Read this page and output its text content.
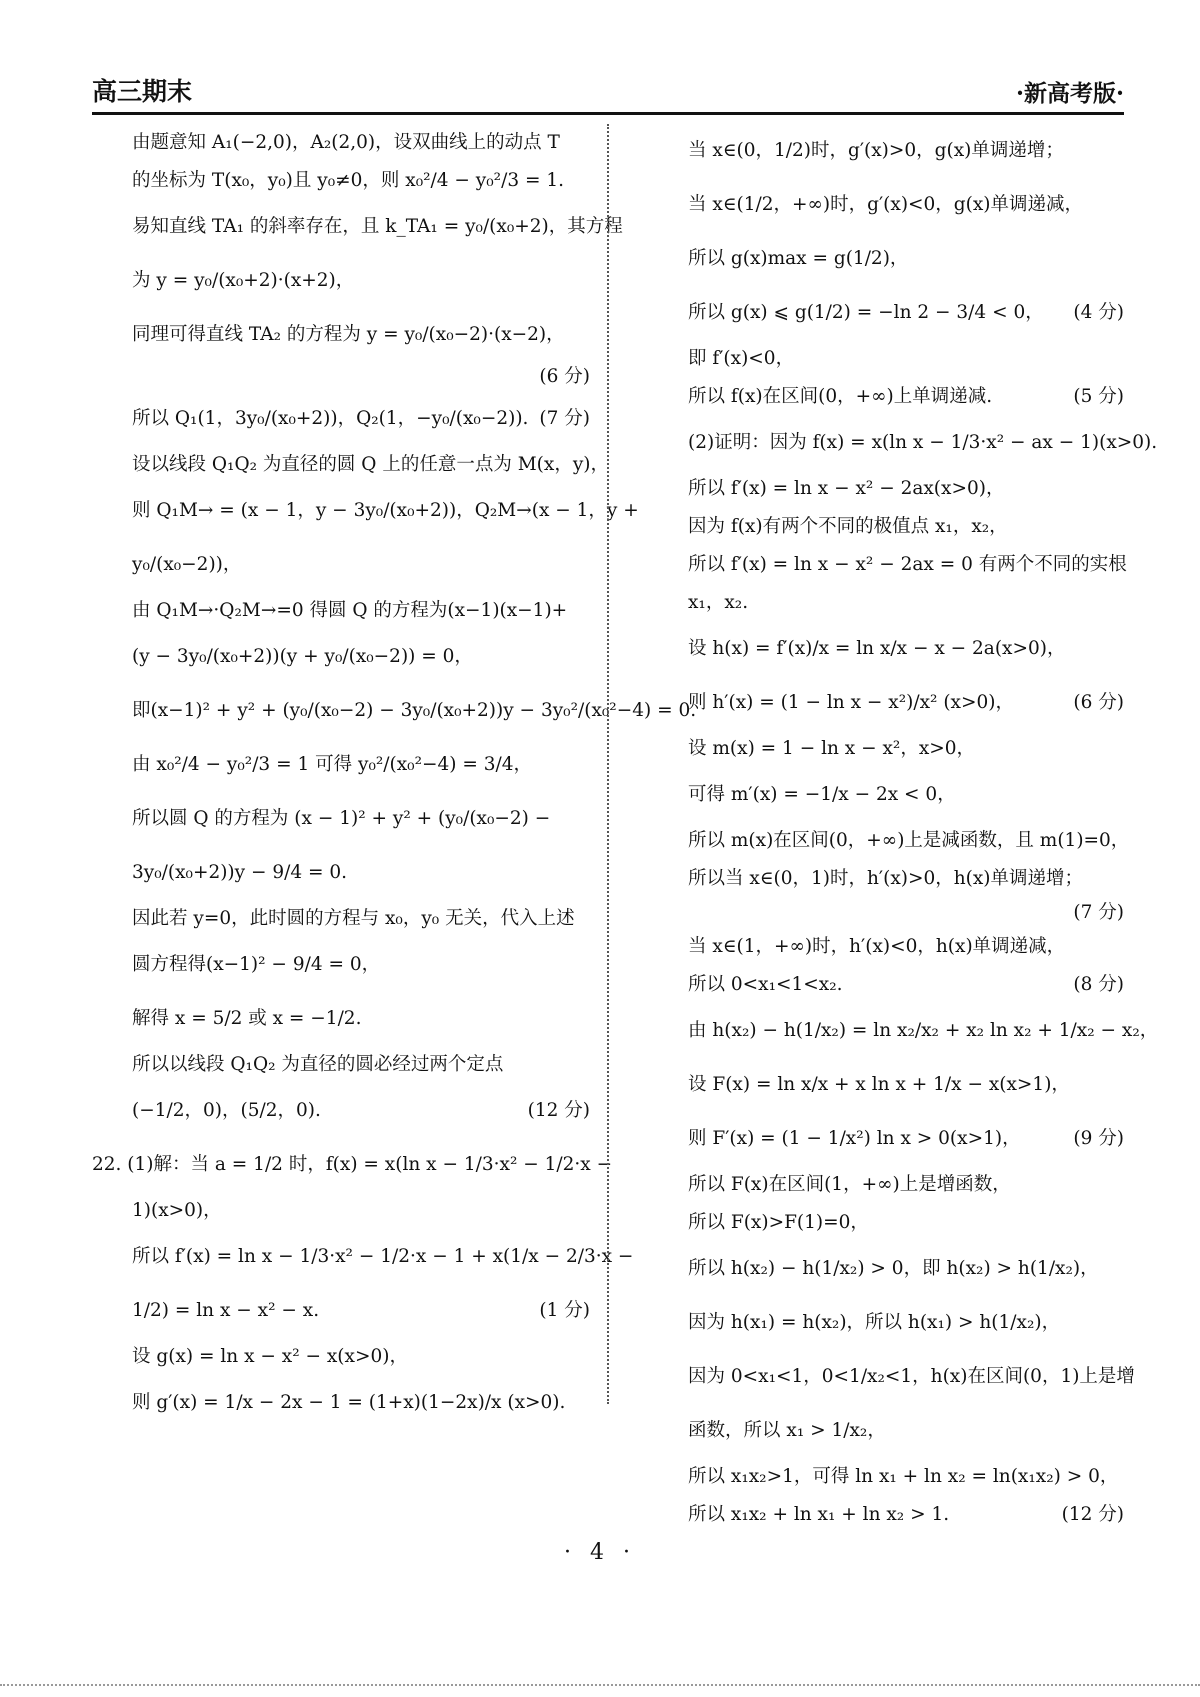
高三期末	·新高考版·
由题意知 A₁(−2,0)，A₂(2,0)，设双曲线上的动点 T
的坐标为 T(x₀，y₀)且 y₀≠0，则 x₀²/4 − y₀²/3 = 1.
易知直线 TA₁ 的斜率存在，且 k_TA₁ = y₀/(x₀+2)，其方程
为 y = y₀/(x₀+2)·(x+2)，
同理可得直线 TA₂ 的方程为 y = y₀/(x₀−2)·(x−2)，
(6 分)
所以 Q₁(1，3y₀/(x₀+2))，Q₂(1，−y₀/(x₀−2)). (7 分)
设以线段 Q₁Q₂ 为直径的圆 Q 上的任意一点为 M(x，y)，
则 Q₁M→ = (x − 1，y − 3y₀/(x₀+2))，Q₂M→(x − 1，y +
y₀/(x₀−2))，
由 Q₁M→·Q₂M→=0 得圆 Q 的方程为(x−1)(x−1)+
(y − 3y₀/(x₀+2))(y + y₀/(x₀−2)) = 0，
即(x−1)² + y² + (y₀/(x₀−2) − 3y₀/(x₀+2))y − 3y₀²/(x₀²−4) = 0.
由 x₀²/4 − y₀²/3 = 1 可得 y₀²/(x₀²−4) = 3/4，
所以圆 Q 的方程为 (x − 1)² + y² + (y₀/(x₀−2) −
3y₀/(x₀+2))y − 9/4 = 0.
因此若 y=0，此时圆的方程与 x₀，y₀ 无关，代入上述
圆方程得(x−1)² − 9/4 = 0，
解得 x = 5/2 或 x = −1/2.
所以以线段 Q₁Q₂ 为直径的圆必经过两个定点
(−1/2，0)，(5/2，0).	(12 分)
22. (1)解：当 a = 1/2 时，f(x) = x(ln x − 1/3·x² − 1/2·x −
1)(x>0)，
所以 f′(x) = ln x − 1/3·x² − 1/2·x − 1 + x(1/x − 2/3·x −
1/2) = ln x − x² − x.	(1 分)
设 g(x) = ln x − x² − x(x>0)，
则 g′(x) = 1/x − 2x − 1 = (1+x)(1−2x)/x (x>0).
当 x∈(0，1/2)时，g′(x)>0，g(x)单调递增；
当 x∈(1/2，+∞)时，g′(x)<0，g(x)单调递减，
所以 g(x)max = g(1/2)，
所以 g(x) ⩽ g(1/2) = −ln 2 − 3/4 < 0， (4 分)
即 f′(x)<0，
所以 f(x)在区间(0，+∞)上单调递减.	(5 分)
(2)证明：因为 f(x) = x(ln x − 1/3·x² − ax − 1)(x>0).
所以 f′(x) = ln x − x² − 2ax(x>0)，
因为 f(x)有两个不同的极值点 x₁，x₂，
所以 f′(x) = ln x − x² − 2ax = 0 有两个不同的实根
x₁，x₂.
设 h(x) = f′(x)/x = ln x/x − x − 2a(x>0)，
则 h′(x) = (1 − ln x − x²)/x² (x>0)，	(6 分)
设 m(x) = 1 − ln x − x²，x>0，
可得 m′(x) = −1/x − 2x < 0，
所以 m(x)在区间(0，+∞)上是减函数，且 m(1)=0，
所以当 x∈(0，1)时，h′(x)>0，h(x)单调递增；
(7 分)
当 x∈(1，+∞)时，h′(x)<0，h(x)单调递减，
所以 0<x₁<1<x₂.	(8 分)
由 h(x₂) − h(1/x₂) = ln x₂/x₂ + x₂ ln x₂ + 1/x₂ − x₂，
设 F(x) = ln x/x + x ln x + 1/x − x(x>1)，
则 F′(x) = (1 − 1/x²) ln x > 0(x>1)，	(9 分)
所以 F(x)在区间(1，+∞)上是增函数，
所以 F(x)>F(1)=0，
所以 h(x₂) − h(1/x₂) > 0，即 h(x₂) > h(1/x₂)，
因为 h(x₁) = h(x₂)，所以 h(x₁) > h(1/x₂)，
因为 0<x₁<1，0<1/x₂<1，h(x)在区间(0，1)上是增
函数，所以 x₁ > 1/x₂，
所以 x₁x₂>1，可得 ln x₁ + ln x₂ = ln(x₁x₂) > 0，
所以 x₁x₂ + ln x₁ + ln x₂ > 1.	(12 分)
· 4 ·
